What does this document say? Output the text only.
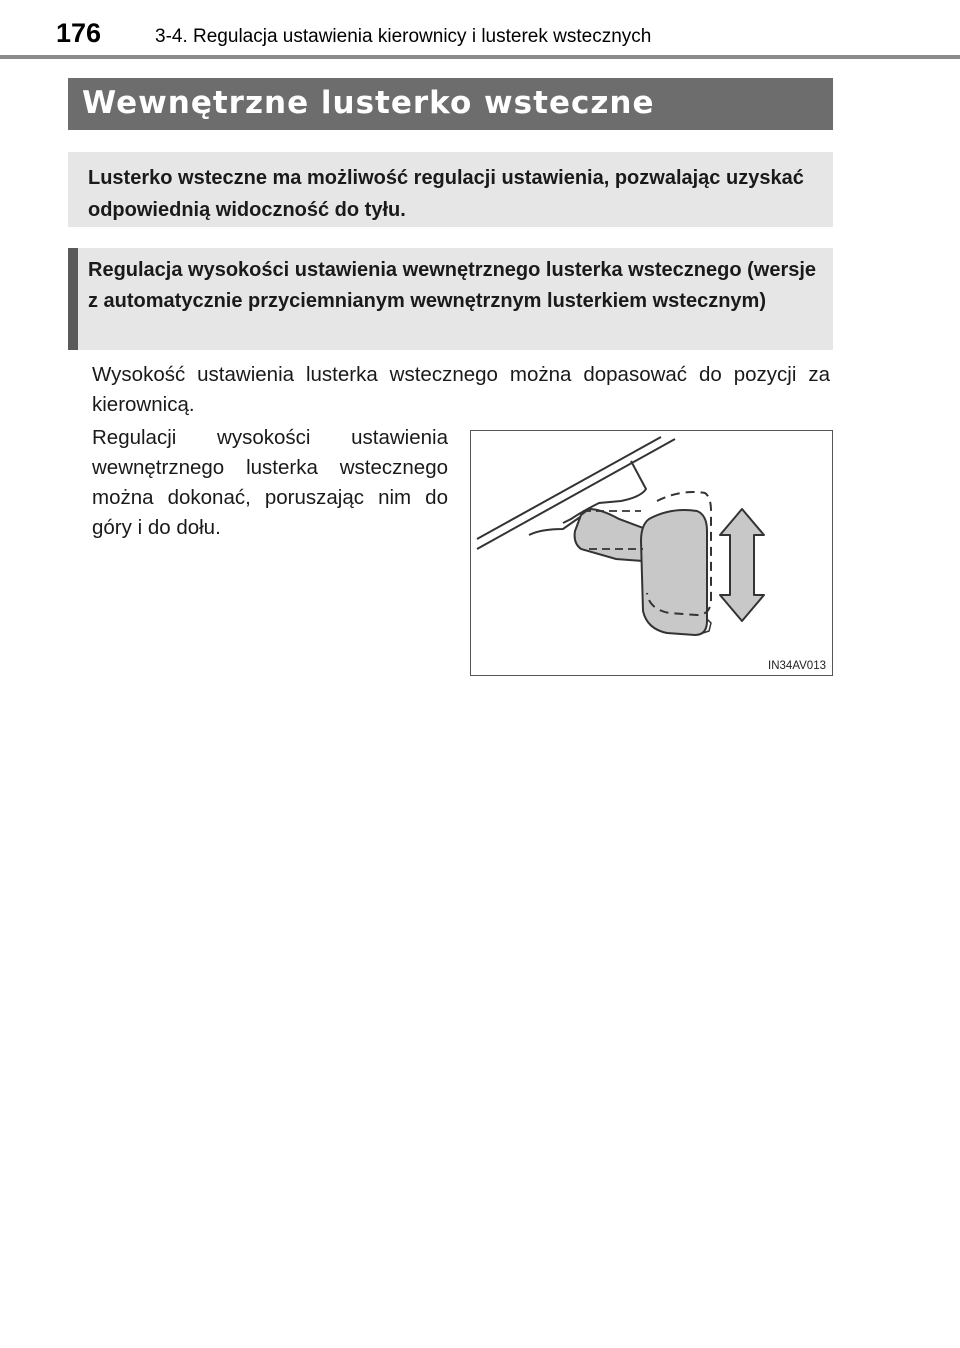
176	3-4. Regulacja ustawienia kierownicy i lusterek wstecznych
Wewnętrzne lusterko wsteczne
Lusterko wsteczne ma możliwość regulacji ustawienia, pozwalając uzyskać odpowiednią widoczność do tyłu.
Regulacja wysokości ustawienia wewnętrznego lusterka wstecznego (wersje z automatycznie przyciemnianym wewnętrznym lusterkiem wstecznym)
Wysokość ustawienia lusterka wstecznego można dopasować do pozycji za kierownicą.
Regulacji wysokości ustawienia wewnętrznego lusterka wstecznego można dokonać, poruszając nim do góry i do dołu.
IN34AV013
